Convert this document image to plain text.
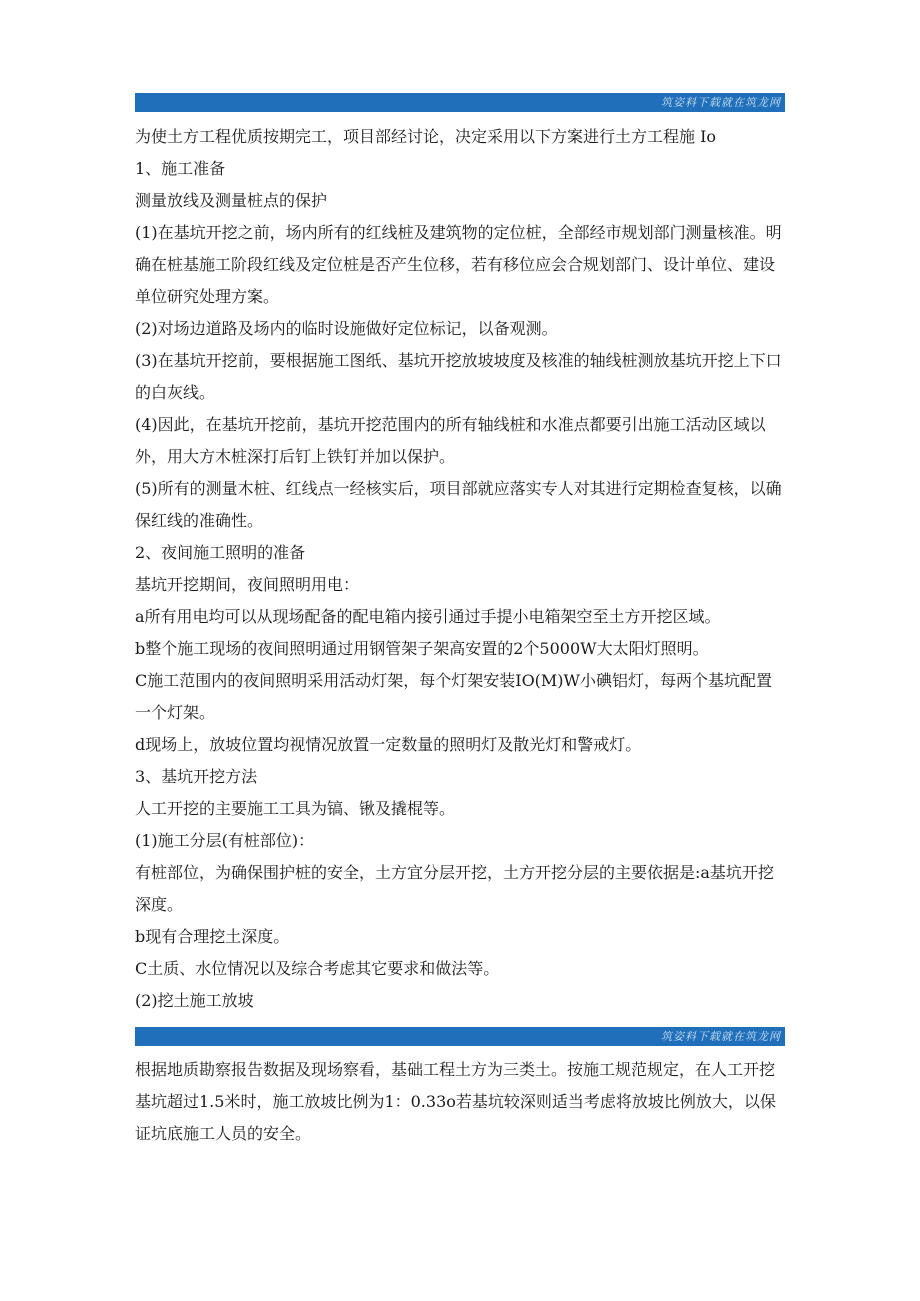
筑姿料下载就在筑龙网

为使土方工程优质按期完工，项目部经讨论，决定采用以下方案进行土方工程施 Io

1、施工准备

测量放线及测量桩点的保护

(1)在基坑开挖之前，场内所有的红线桩及建筑物的定位桩，全部经市规划部门测量核准。明确在桩基施工阶段红线及定位桩是否产生位移，若有移位应会合规划部门、设计单位、建设单位研究处理方案。

(2)对场边道路及场内的临时设施做好定位标记，以备观测。

(3)在基坑开挖前，要根据施工图纸、基坑开挖放坡坡度及核准的轴线桩测放基坑开挖上下口的白灰线。

(4)因此，在基坑开挖前，基坑开挖范围内的所有轴线桩和水准点都要引出施工活动区域以外，用大方木桩深打后钉上铁钉并加以保护。

(5)所有的测量木桩、红线点一经核实后，项目部就应落实专人对其进行定期检查复核，以确保红线的准确性。

2、夜间施工照明的准备

基坑开挖期间，夜间照明用电：

a所有用电均可以从现场配备的配电箱内接引通过手提小电箱架空至土方开挖区域。

b整个施工现场的夜间照明通过用钢管架子架高安置的2个5000W大太阳灯照明。

C施工范围内的夜间照明采用活动灯架，每个灯架安装IO(M)W小碘铝灯，每两个基坑配置一个灯架。

d现场上，放坡位置均视情况放置一定数量的照明灯及散光灯和警戒灯。

3、基坑开挖方法

人工开挖的主要施工工具为镐、锹及撬棍等。

(1)施工分层(有桩部位)：

有桩部位，为确保围护桩的安全，土方宜分层开挖，土方开挖分层的主要依据是:a基坑开挖深度。

b现有合理挖土深度。

C土质、水位情况以及综合考虑其它要求和做法等。

(2)挖土施工放坡

筑姿料下载就在筑龙网

根据地质勘察报告数据及现场察看，基础工程土方为三类土。按施工规范规定，在人工开挖基坑超过1.5米时，施工放坡比例为1：0.33o若基坑较深则适当考虑将放坡比例放大，以保证坑底施工人员的安全。
